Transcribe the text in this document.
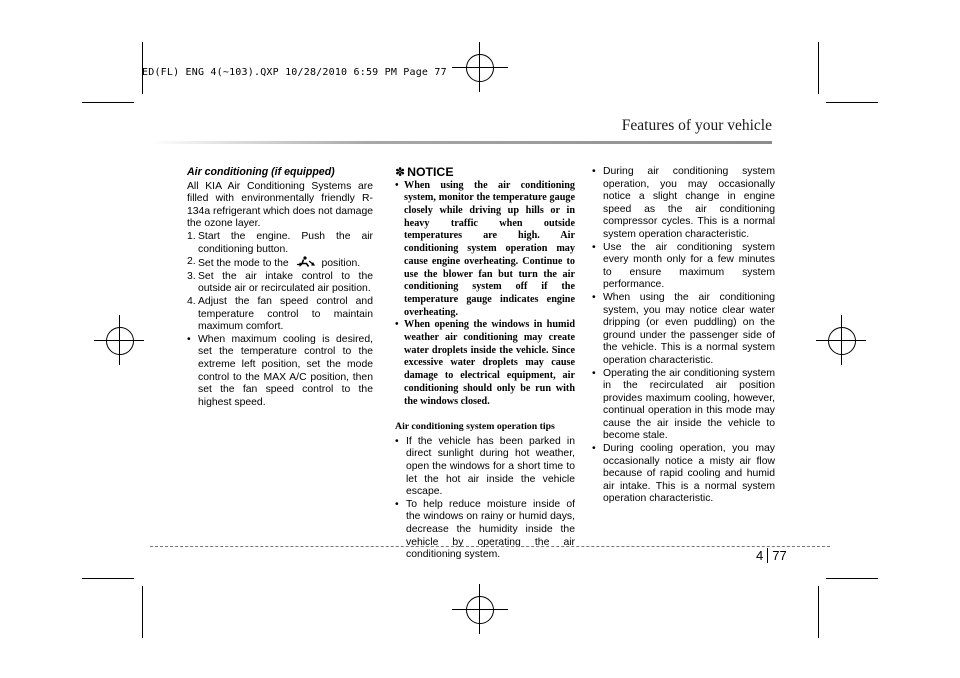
ED(FL) ENG 4(~103).QXP 10/28/2010 6:59 PM Page 77
Features of your vehicle
Air conditioning (if equipped)

All KIA Air Conditioning Systems are filled with environmentally friendly R-134a refrigerant which does not damage the ozone layer.

1. Start the engine. Push the air conditioning button.
2. Set the mode to the	position.
3. Set the air intake control to the outside air or recirculated air position.
4. Adjust the fan speed control and temperature control to maintain maximum comfort.
• When maximum cooling is desired, set the temperature control to the extreme left position, set the mode control to the MAX A/C position, then set the fan speed control to the highest speed.
✽ NOTICE
• When using the air conditioning system, monitor the temperature gauge closely while driving up hills or in heavy traffic when outside temperatures are high. Air conditioning system operation may cause engine overheating. Continue to use the blower fan but turn the air conditioning system off if the temperature gauge indicates engine overheating.
• When opening the windows in humid weather air conditioning may create water droplets inside the vehicle. Since excessive water droplets may cause damage to electrical equipment, air conditioning should only be run with the windows closed.
Air conditioning system operation tips
• If the vehicle has been parked in direct sunlight during hot weather, open the windows for a short time to let the hot air inside the vehicle escape.
• To help reduce moisture inside of the windows on rainy or humid days, decrease the humidity inside the vehicle by operating the air conditioning system.
• During air conditioning system operation, you may occasionally notice a slight change in engine speed as the air conditioning compressor cycles. This is a normal system operation characteristic.
• Use the air conditioning system every month only for a few minutes to ensure maximum system performance.
• When using the air conditioning system, you may notice clear water dripping (or even puddling) on the ground under the passenger side of the vehicle. This is a normal system operation characteristic.
• Operating the air conditioning system in the recirculated air position provides maximum cooling, however, continual operation in this mode may cause the air inside the vehicle to become stale.
• During cooling operation, you may occasionally notice a misty air flow because of rapid cooling and humid air intake. This is a normal system operation characteristic.
4 77
